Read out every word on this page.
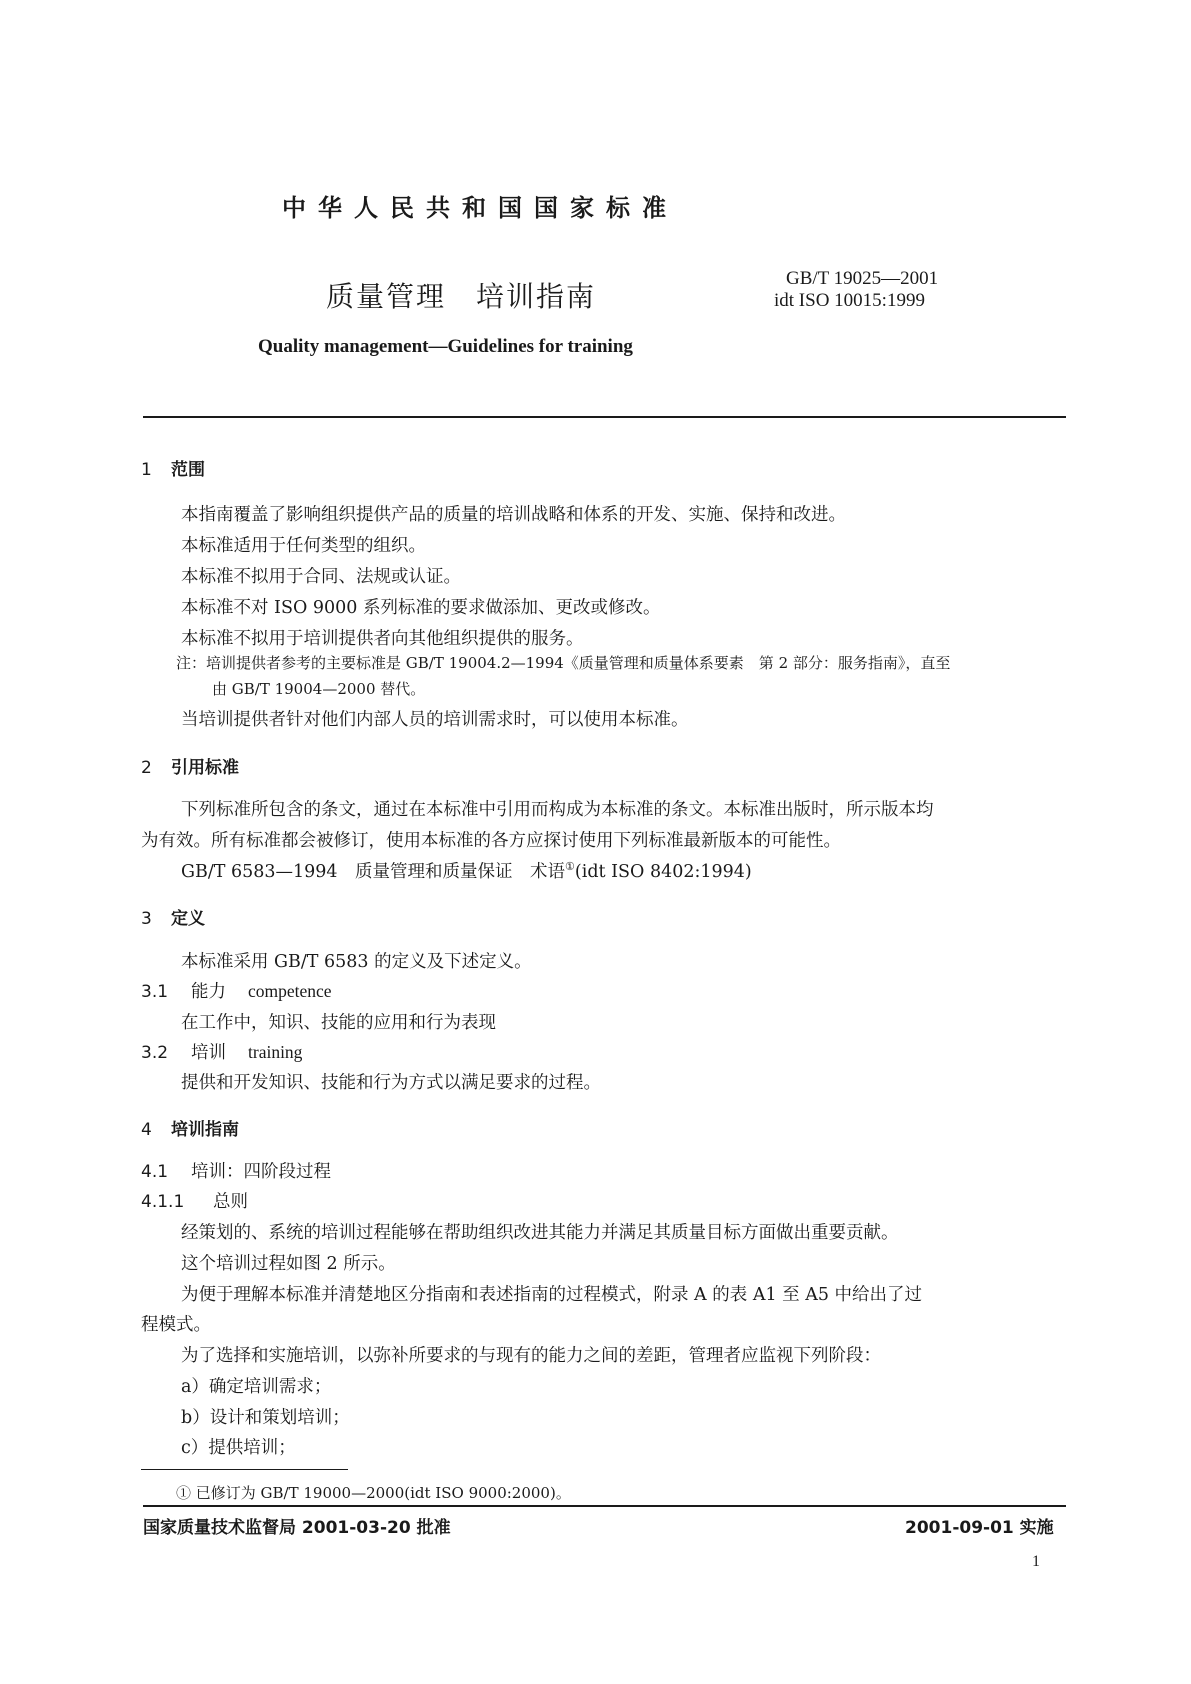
中华人民共和国国家标准
质量管理　培训指南
GB/T 19025—2001
idt ISO 10015:1999
Quality management—Guidelines for training
1 范围
本指南覆盖了影响组织提供产品的质量的培训战略和体系的开发、实施、保持和改进。
本标准适用于任何类型的组织。
本标准不拟用于合同、法规或认证。
本标准不对 ISO 9000 系列标准的要求做添加、更改或修改。
本标准不拟用于培训提供者向其他组织提供的服务。
注：培训提供者参考的主要标准是 GB/T 19004.2—1994《质量管理和质量体系要素　第 2 部分：服务指南》，直至
由 GB/T 19004—2000 替代。
当培训提供者针对他们内部人员的培训需求时，可以使用本标准。
2 引用标准
下列标准所包含的条文，通过在本标准中引用而构成为本标准的条文。本标准出版时，所示版本均
为有效。所有标准都会被修订，使用本标准的各方应探讨使用下列标准最新版本的可能性。
GB/T 6583—1994　质量管理和质量保证　术语①(idt ISO 8402:1994)
3 定义
本标准采用 GB/T 6583 的定义及下述定义。
3.1 能力 competence
在工作中，知识、技能的应用和行为表现
3.2 培训 training
提供和开发知识、技能和行为方式以满足要求的过程。
4 培训指南
4.1 培训：四阶段过程
4.1.1 总则
经策划的、系统的培训过程能够在帮助组织改进其能力并满足其质量目标方面做出重要贡献。
这个培训过程如图 2 所示。
为便于理解本标准并清楚地区分指南和表述指南的过程模式，附录 A 的表 A1 至 A5 中给出了过
程模式。
为了选择和实施培训，以弥补所要求的与现有的能力之间的差距，管理者应监视下列阶段：
a）确定培训需求；
b）设计和策划培训；
c）提供培训；
① 已修订为 GB/T 19000—2000(idt ISO 9000:2000)。
国家质量技术监督局 2001-03-20 批准	2001-09-01 实施
1
